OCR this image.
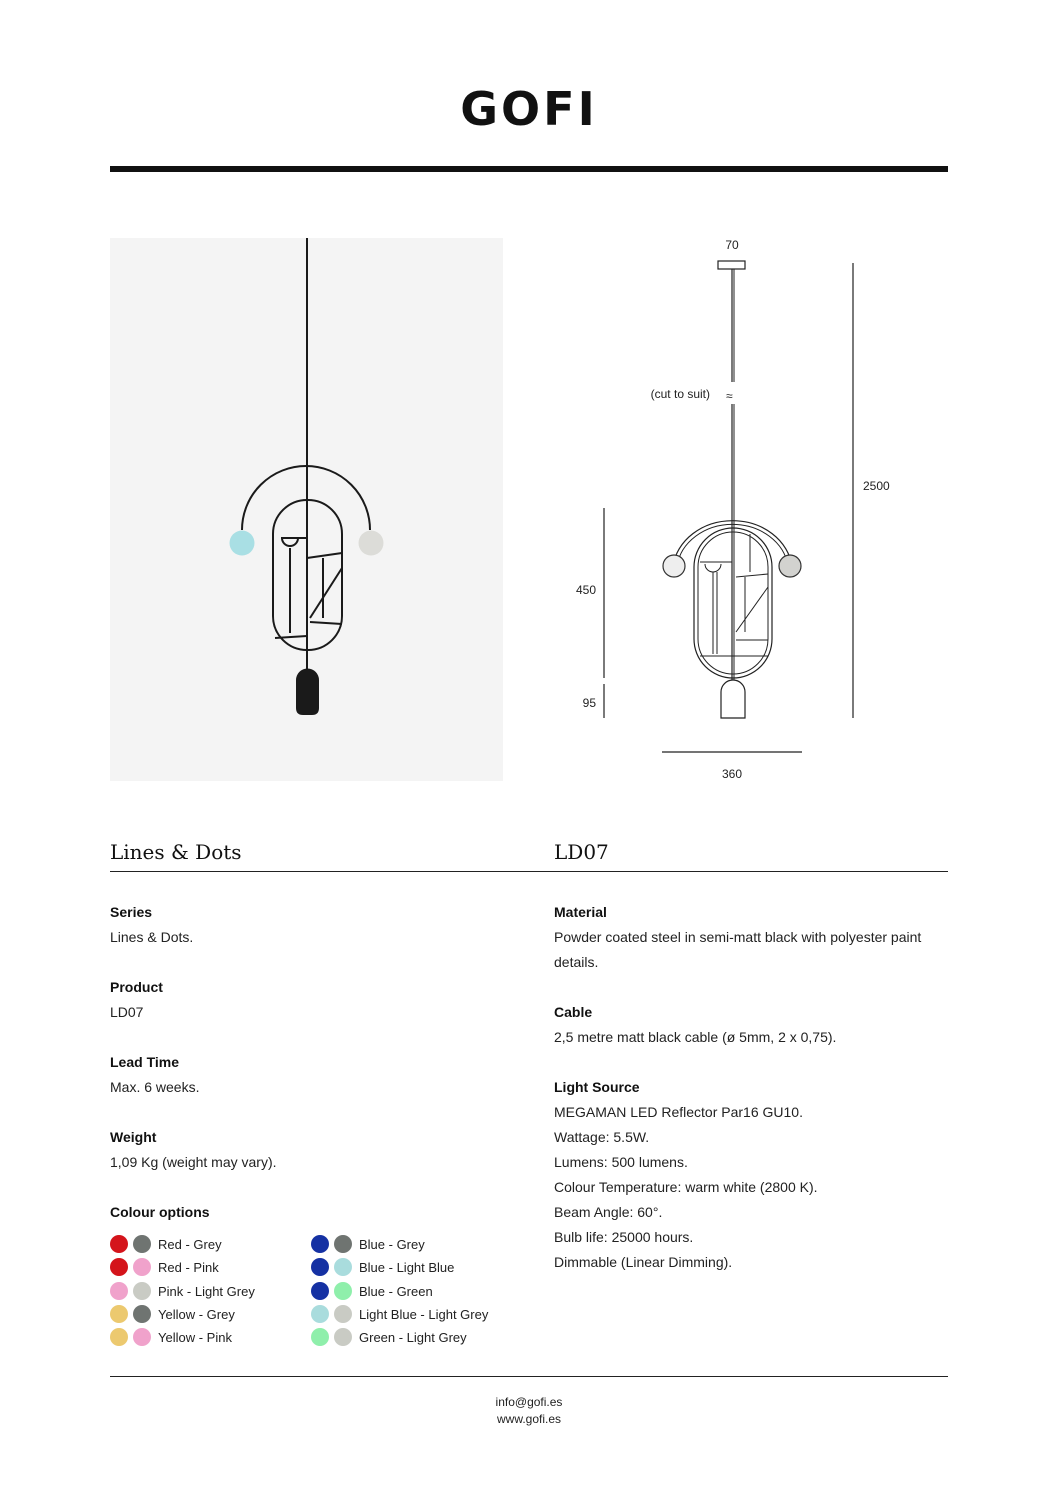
GOFI
70
(cut to suit) ≈
2500
450
95
360
Lines & Dots	LD07
Series
Lines & Dots.
Product
LD07
Lead Time
Max. 6 weeks.
Weight
1,09 Kg (weight may vary).
Colour options
Red - Grey
Red - Pink
Pink - Light Grey
Yellow - Grey
Yellow - Pink
Blue - Grey
Blue - Light Blue
Blue - Green
Light Blue - Light Grey
Green - Light Grey
Material
Powder coated steel in semi-matt black with polyester paint
details.
Cable
2,5 metre matt black cable (ø 5mm, 2 x 0,75).
Light Source
MEGAMAN LED Reflector Par16 GU10.
Wattage: 5.5W.
Lumens: 500 lumens.
Colour Temperature: warm white (2800 K).
Beam Angle: 60°.
Bulb life: 25000 hours.
Dimmable (Linear Dimming).
info@gofi.es
www.gofi.es
